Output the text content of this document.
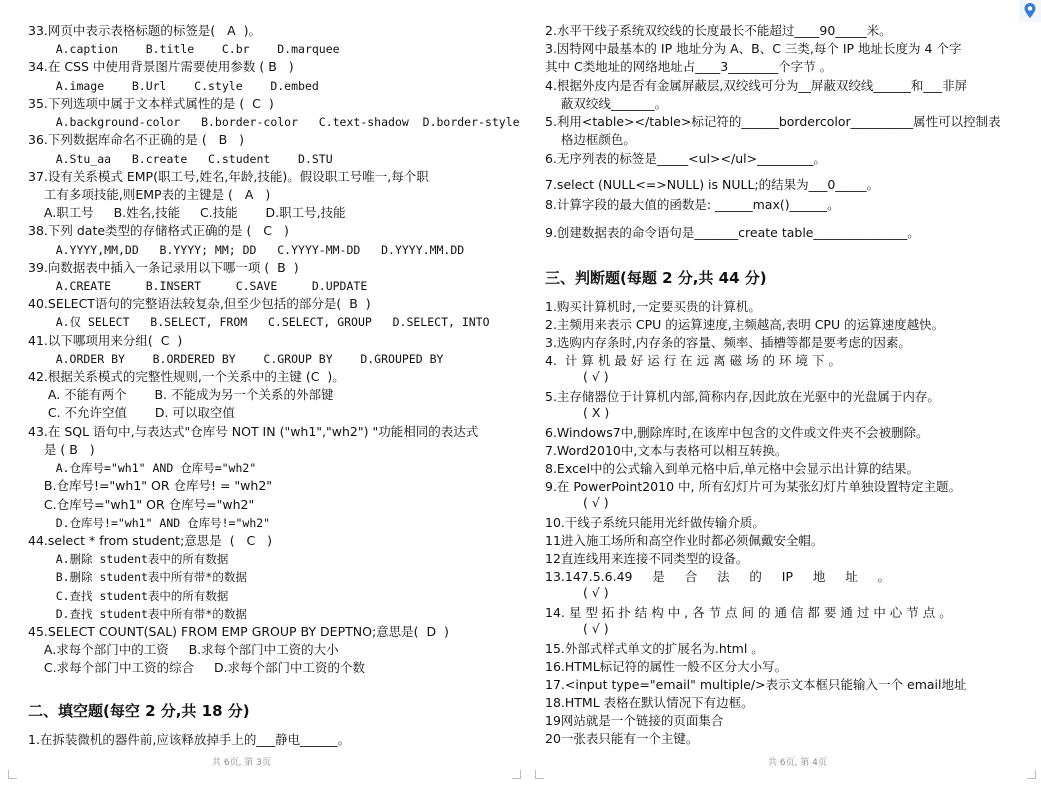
33.网页中表示表格标题的标签是(   A  )。
A.caption    B.title    C.br    D.marquee
34.在 CSS 中使用背景图片需要使用参数 ( B   )
A.image    B.Url    C.style    D.embed
35.下列选项中属于文本样式属性的是 (  C  )
A.background-color   B.border-color   C.text-shadow  D.border-style
36.下列数据库命名不正确的是 (   B   )
A.Stu_aa   B.create   C.student    D.STU
37.设有关系模式 EMP(职工号,姓名,年龄,技能)。假设职工号唯一,每个职
工有多项技能,则EMP表的主键是 (   A   )
A.职工号     B.姓名,技能     C.技能       D.职工号,技能
38.下列 date类型的存储格式正确的是 (   C   )
A.YYYY,MM,DD   B.YYYY; MM; DD   C.YYYY-MM-DD   D.YYYY.MM.DD
39.向数据表中插入一条记录用以下哪一项 (  B  )
A.CREATE     B.INSERT     C.SAVE     D.UPDATE
40.SELECT语句的完整语法较复杂,但至少包括的部分是(  B  )
A.仅 SELECT   B.SELECT, FROM   C.SELECT, GROUP   D.SELECT, INTO
41.以下哪项用来分组(  C  )
A.ORDER BY    B.ORDERED BY    C.GROUP BY    D.GROUPED BY
42.根据关系模式的完整性规则,一个关系中的主键 (C  )。
A. 不能有两个       B. 不能成为另一个关系的外部键
C. 不允许空值       D. 可以取空值
43.在 SQL 语句中,与表达式"仓库号 NOT IN ("wh1","wh2") "功能相同的表达式
是 ( B   )
A.仓库号="wh1" AND 仓库号="wh2"
B.仓库号!="wh1" OR 仓库号! = "wh2"
C.仓库号="wh1" OR 仓库号="wh2"
D.仓库号!="wh1" AND 仓库号!="wh2"
44.select * from student;意思是  (   C   )
A.删除 student表中的所有数据
B.删除 student表中所有带*的数据
C.查找 student表中的所有数据
D.查找 student表中所有带*的数据
45.SELECT COUNT(SAL) FROM EMP GROUP BY DEPTNO;意思是(  D  )
A.求每个部门中的工资     B.求每个部门中工资的大小
C.求每个部门中工资的综合     D.求每个部门中工资的个数
二、填空题(每空 2 分,共 18 分)
1.在拆装微机的器件前,应该释放掉手上的___静电______。
共 6页, 第 3页
2.水平干线子系统双绞线的长度最长不能超过____90_____米。
3.因特网中最基本的 IP 地址分为 A、B、C 三类,每个 IP 地址长度为 4 个字
其中 C类地址的网络地址占____3________个字节 。
4.根据外皮内是否有金属屏蔽层,双绞线可分为__屏蔽双绞线______和___非屏
蔽双绞线_______。
5.利用<table></table>标记符的______bordercolor__________属性可以控制表
格边框颜色。
6.无序列表的标签是_____<ul></ul>_________。
7.select (NULL<=>NULL) is NULL;的结果为___0_____。
8.计算字段的最大值的函数是: ______max()______。
9.创建数据表的命令语句是_______create table_______________。
三、判断题(每题 2 分,共 44 分)
1.购买计算机时,一定要买贵的计算机。
2.主频用来表示 CPU 的运算速度,主频越高,表明 CPU 的运算速度越快。
3.选购内存条时,内存条的容量、频率、插槽等都是要考虑的因素。
4.  计 算 机 最 好 运 行 在 远 离 磁 场 的 环 境 下 。
( √ )
5.主存储器位于计算机内部,简称内存,因此放在光驱中的光盘属于内存。
( X )
6.Windows7中,删除库时,在该库中包含的文件或文件夹不会被删除。
7.Word2010中,文本与表格可以相互转换。
8.Excel中的公式输入到单元格中后,单元格中会显示出计算的结果。
9.在 PowerPoint2010 中, 所有幻灯片可为某张幻灯片单独设置特定主题。
( √ )
10.干线子系统只能用光纤做传输介质。
11进入施工场所和高空作业时都必须佩戴安全帽。
12直连线用来连接不同类型的设备。
13.147.5.6.49     是     合     法     的     IP     地     址     。
( √ )
14. 星 型 拓 扑 结 构 中 , 各 节 点 间 的 通 信 都 要 通 过 中 心 节 点 。
( √ )
15.外部式样式单文的扩展名为.html 。
16.HTML标记符的属性一般不区分大小写。
17.<input type="email" multiple/>表示文本框只能输入一个 email地址
18.HTML 表格在默认情况下有边框。
19网站就是一个链接的页面集合
20一张表只能有一个主键。
共 6页, 第 4页
